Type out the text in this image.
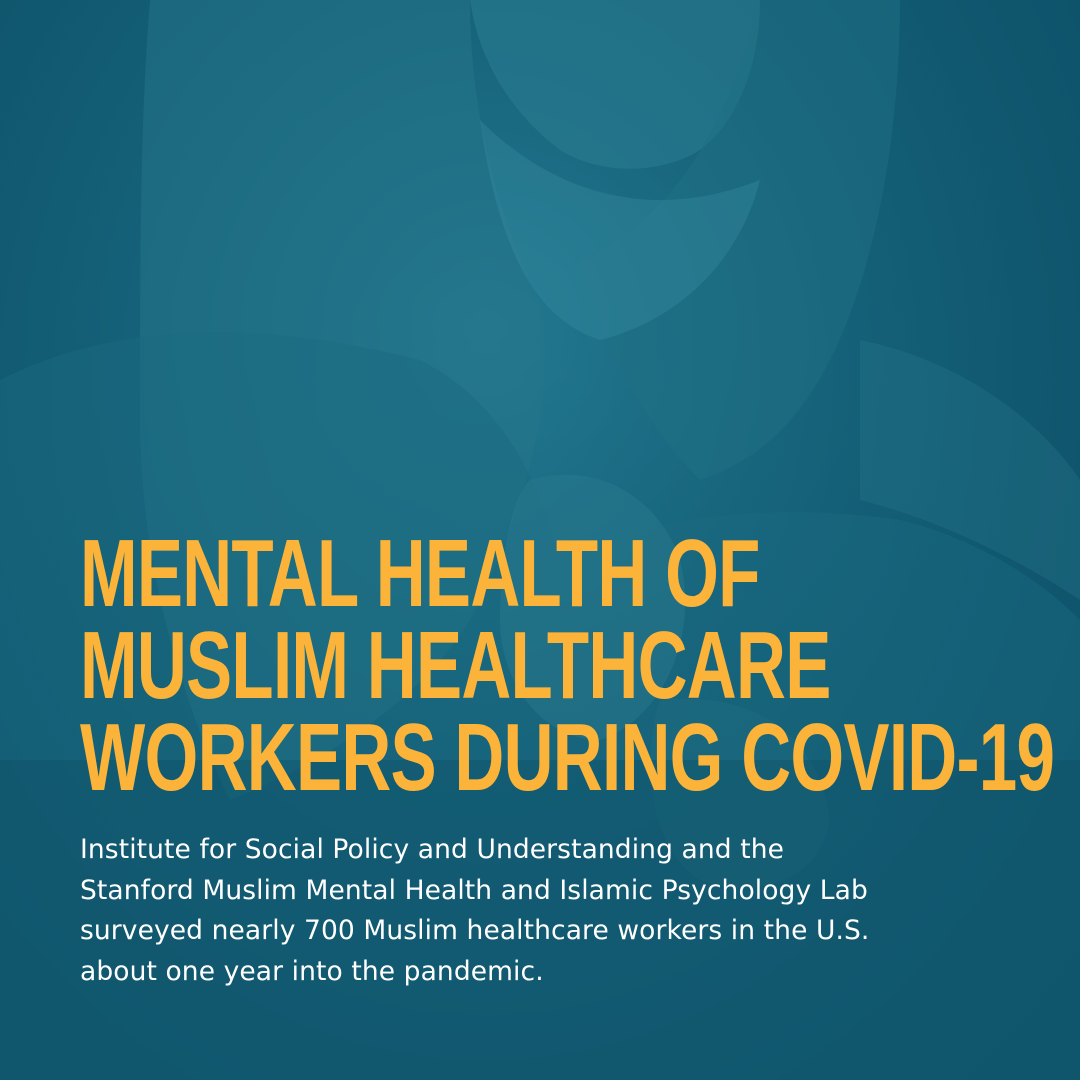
MENTAL HEALTH OF
MUSLIM HEALTHCARE
WORKERS DURING COVID-19

Institute for Social Policy and Understanding and the Stanford Muslim Mental Health and Islamic Psychology Lab surveyed nearly 700 Muslim healthcare workers in the U.S. about one year into the pandemic.
